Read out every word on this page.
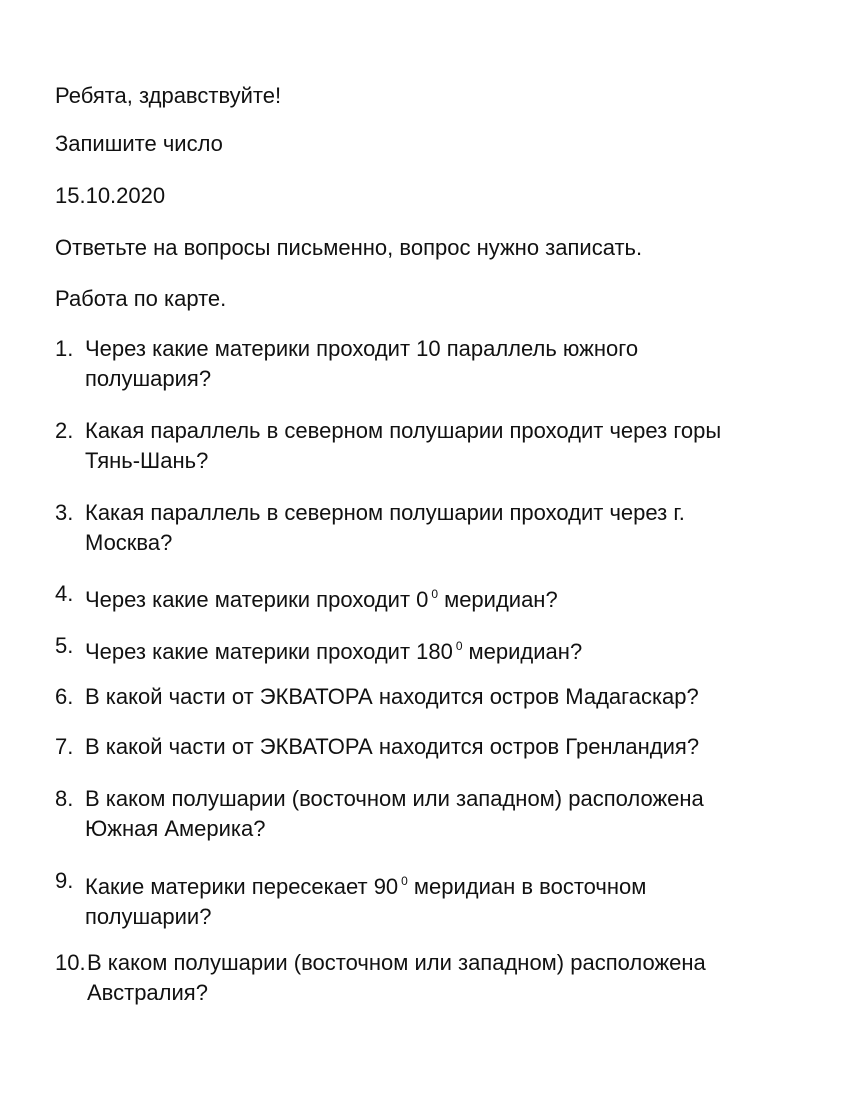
Ребята, здравствуйте!
Запишите число
15.10.2020
Ответьте на вопросы письменно, вопрос нужно записать.
Работа по карте.
1. Через какие материки проходит 10 параллель южного полушария?
2. Какая параллель в северном полушарии проходит через горы Тянь-Шань?
3. Какая параллель в северном полушарии проходит через г. Москва?
4. Через какие материки проходит 0 $^0$ меридиан?
5. Через какие материки проходит 180 $^0$ меридиан?
6. В какой части от ЭКВАТОРА находится остров Мадагаскар?
7. В какой части от ЭКВАТОРА находится остров Гренландия?
8. В каком полушарии (восточном или западном) расположена Южная Америка?
9. Какие материки пересекает 90 $^0$ меридиан в восточном полушарии?
10. В каком полушарии (восточном или западном) расположена Австралия?
